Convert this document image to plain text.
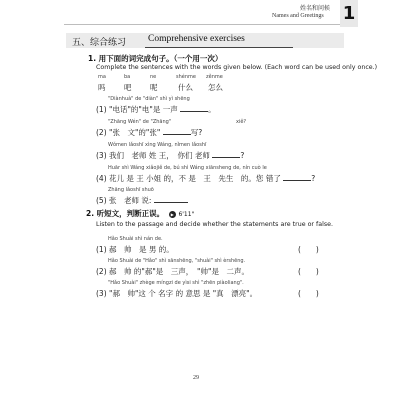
姓名和问候
Names and Greetings 1
五、综合练习 Comprehensive exercises
1. 用下面的词完成句子。（一个用一次）
Complete the sentences with the words given below. (Each word can be used only once.)
ma	ba	ne	shénme zěnme
吗 吧 呢	什么 怎么
"Diànhuà" de "diàn" shì yì shēng
(1) "电话"的"电"是 一声	。
"Zhāng Wén" de "Zhāng"	xiě?
(2) "张　文"的"张"	写?
Wǒmen lǎoshī xìng Wáng, nǐmen lǎoshī
(3) 我们　老师 姓 王，　你们 老师	?
Huār shì Wáng xiǎojiě de, bú shì Wáng xiānsheng de, nín cuò le
(4) 花儿 是 王 小姐 的，不 是　王　先生　的。您 错了	?
Zhāng lǎoshī shuō
(5) 张　老师 说:
2. 听短文，判断正误。 ▶ 6'11"
Listen to the passage and decide whether the statements are true or false.
Hǎo Shuài shì nán de.
(1) 郝　帅　是 男 的。	(　　)
Hǎo Shuài de "Hǎo" shì sānshēng, "shuài" shì èrshēng.
(2) 郝　帅 的"郝"是　三声，　"帅"是　二声。	(　　)
"Hǎo Shuài" zhège míngzi de yìsi shì "zhēn piàoliang".
(3) "郝　帅"这 个 名字 的 意思 是 "真　漂亮"。	(　　)
29
